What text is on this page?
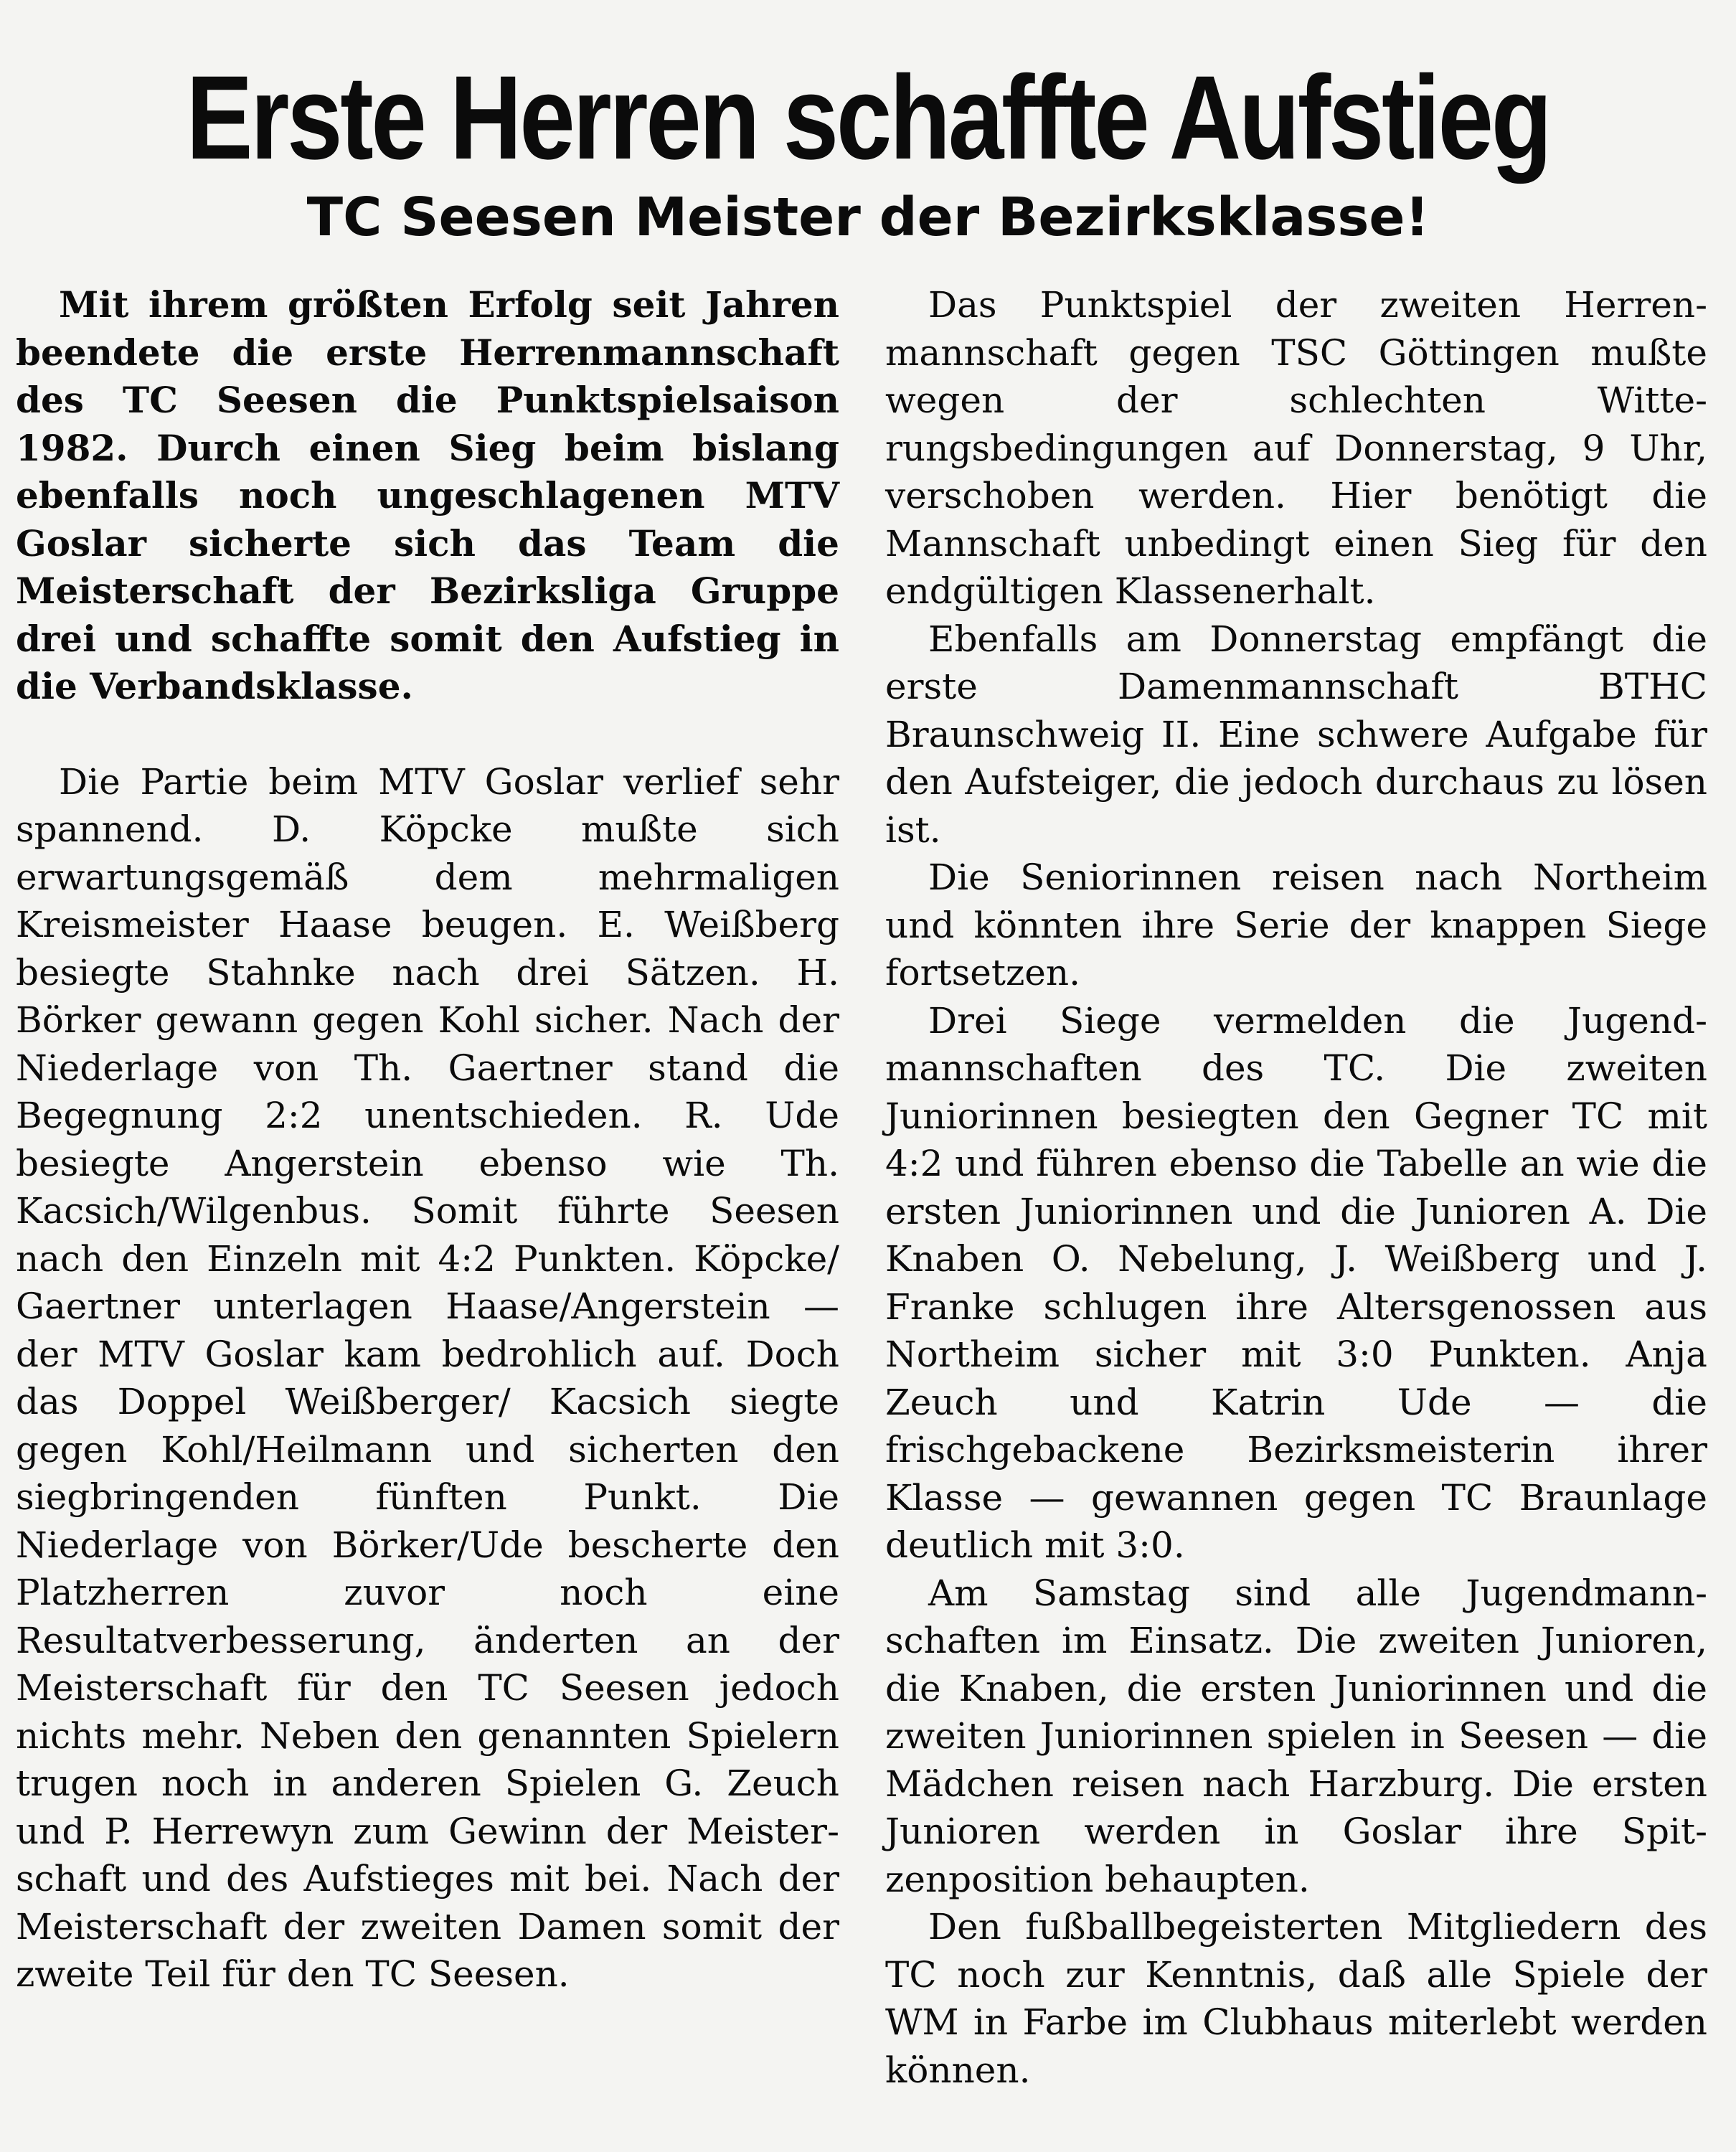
Erste Herren schaffte Aufstieg
TC Seesen Meister der Bezirksklasse!

Mit ihrem größten Erfolg seit Jahren beendete die erste Herrenmannschaft des TC Seesen die Punktspielsaison 1982. Durch einen Sieg beim bislang ebenfalls noch ungeschlagenen MTV Goslar sicherte sich das Team die Meisterschaft der Bezirksliga Gruppe drei und schaffte somit den Aufstieg in die Verbandsklasse.

Die Partie beim MTV Goslar verlief sehr spannend. D. Köpcke mußte sich erwartungsgemäß dem mehrmaligen Kreismeister Haase beugen. E. Weißberg besiegte Stahnke nach drei Sätzen. H. Börker gewann gegen Kohl sicher. Nach der Niederlage von Th. Gaertner stand die Begegnung 2:2 unentschieden. R. Ude besiegte Angerstein ebenso wie Th. Kacsich/Wilgenbus. Somit führte Seesen nach den Einzeln mit 4:2 Punkten. Köpcke/ Gaertner unterlagen Haase/Angerstein — der MTV Goslar kam bedrohlich auf. Doch das Doppel Weißberger/ Kacsich siegte gegen Kohl/Heilmann und sicherten den siegbringenden fünften Punkt. Die Niederlage von Börker/Ude bescherte den Platzherren zuvor noch eine Resultatverbesserung, änderten an der Meisterschaft für den TC Seesen jedoch nichts mehr. Neben den genannten Spielern trugen noch in anderen Spielen G. Zeuch und P. Herrewyn zum Gewinn der Meisterschaft und des Aufstieges mit bei. Nach der Meisterschaft der zweiten Damen somit der zweite Teil für den TC Seesen.

Das Punktspiel der zweiten Herrenmannschaft gegen TSC Göttingen mußte wegen der schlechten Witterungsbedingungen auf Donnerstag, 9 Uhr, verschoben werden. Hier benötigt die Mannschaft unbedingt einen Sieg für den endgültigen Klassenerhalt.

Ebenfalls am Donnerstag empfängt die erste Damenmannschaft BTHC Braunschweig II. Eine schwere Aufgabe für den Aufsteiger, die jedoch durchaus zu lösen ist.

Die Seniorinnen reisen nach Northeim und könnten ihre Serie der knappen Siege fortsetzen.

Drei Siege vermelden die Jugendmannschaften des TC. Die zweiten Juniorinnen besiegten den Gegner TC mit 4:2 und führen ebenso die Tabelle an wie die ersten Juniorinnen und die Junioren A. Die Knaben O. Nebelung, J. Weißberg und J. Franke schlugen ihre Altersgenossen aus Northeim sicher mit 3:0 Punkten. Anja Zeuch und Katrin Ude — die frischgebackene Bezirksmeisterin ihrer Klasse — gewannen gegen TC Braunlage deutlich mit 3:0.

Am Samstag sind alle Jugendmannschaften im Einsatz. Die zweiten Junioren, die Knaben, die ersten Juniorinnen und die zweiten Juniorinnen spielen in Seesen — die Mädchen reisen nach Harzburg. Die ersten Junioren werden in Goslar ihre Spitzenposition behaupten.

Den fußballbegeisterten Mitgliedern des TC noch zur Kenntnis, daß alle Spiele der WM in Farbe im Clubhaus miterlebt werden können.
